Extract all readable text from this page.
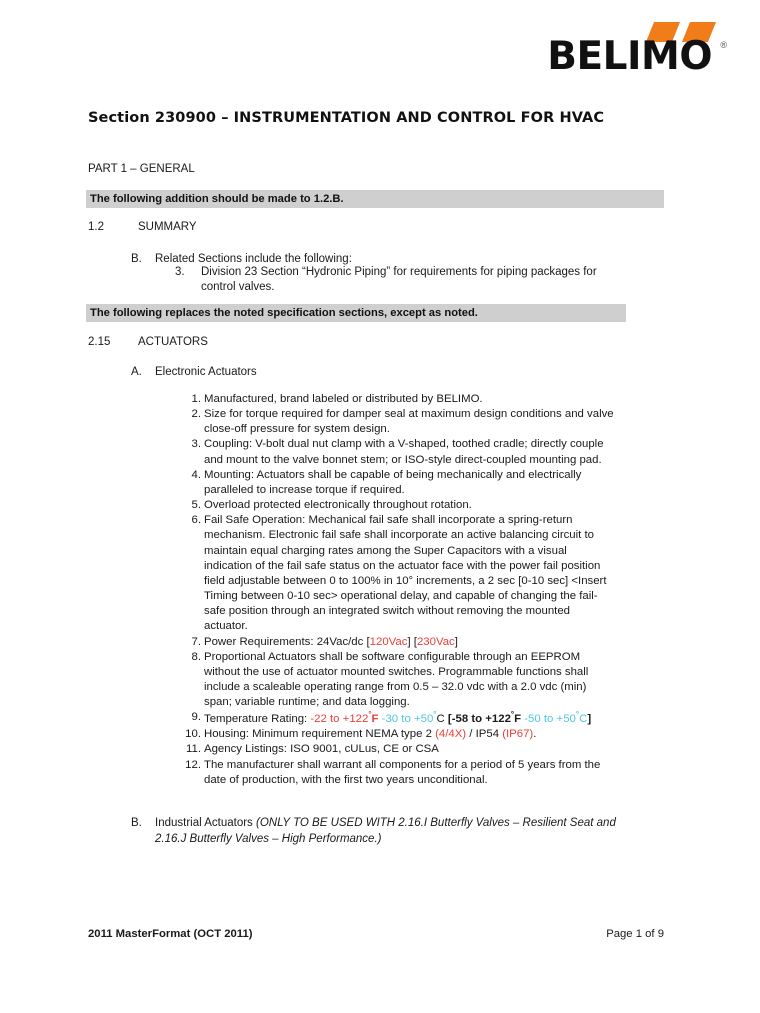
BELIMO ®
Section 230900 – INSTRUMENTATION AND CONTROL FOR HVAC
PART 1 – GENERAL
The following addition should be made to 1.2.B.
1.2	SUMMARY
B.	Related Sections include the following:
3.	Division 23 Section “Hydronic Piping” for requirements for piping packages for control valves.
The following replaces the noted specification sections, except as noted.
2.15 ACTUATORS
A.	Electronic Actuators
1. Manufactured, brand labeled or distributed by BELIMO.
2. Size for torque required for damper seal at maximum design conditions and valve close-off pressure for system design.
3. Coupling: V-bolt dual nut clamp with a V-shaped, toothed cradle; directly couple and mount to the valve bonnet stem; or ISO-style direct-coupled mounting pad.
4. Mounting: Actuators shall be capable of being mechanically and electrically paralleled to increase torque if required.
5. Overload protected electronically throughout rotation.
6. Fail Safe Operation: Mechanical fail safe shall incorporate a spring-return mechanism. Electronic fail safe shall incorporate an active balancing circuit to maintain equal charging rates among the Super Capacitors with a visual indication of the fail safe status on the actuator face with the power fail position field adjustable between 0 to 100% in 10° increments, a 2 sec [0-10 sec] <Insert Timing between 0-10 sec> operational delay, and capable of changing the fail-safe position through an integrated switch without removing the mounted actuator.
7. Power Requirements: 24Vac/dc [120Vac] [230Vac]
8. Proportional Actuators shall be software configurable through an EEPROM without the use of actuator mounted switches. Programmable functions shall include a scaleable operating range from 0.5 – 32.0 vdc with a 2.0 vdc (min) span; variable runtime; and data logging.
9. Temperature Rating: -22 to +122°F -30 to +50°C [-58 to +122°F -50 to +50°C]
10. Housing: Minimum requirement NEMA type 2 (4/4X) / IP54 (IP67).
11. Agency Listings: ISO 9001, cULus, CE or CSA
12. The manufacturer shall warrant all components for a period of 5 years from the date of production, with the first two years unconditional.
B.	Industrial Actuators (ONLY TO BE USED WITH 2.16.I Butterfly Valves – Resilient Seat and 2.16.J Butterfly Valves – High Performance.)
2011 MasterFormat (OCT 2011)	Page 1 of 9
